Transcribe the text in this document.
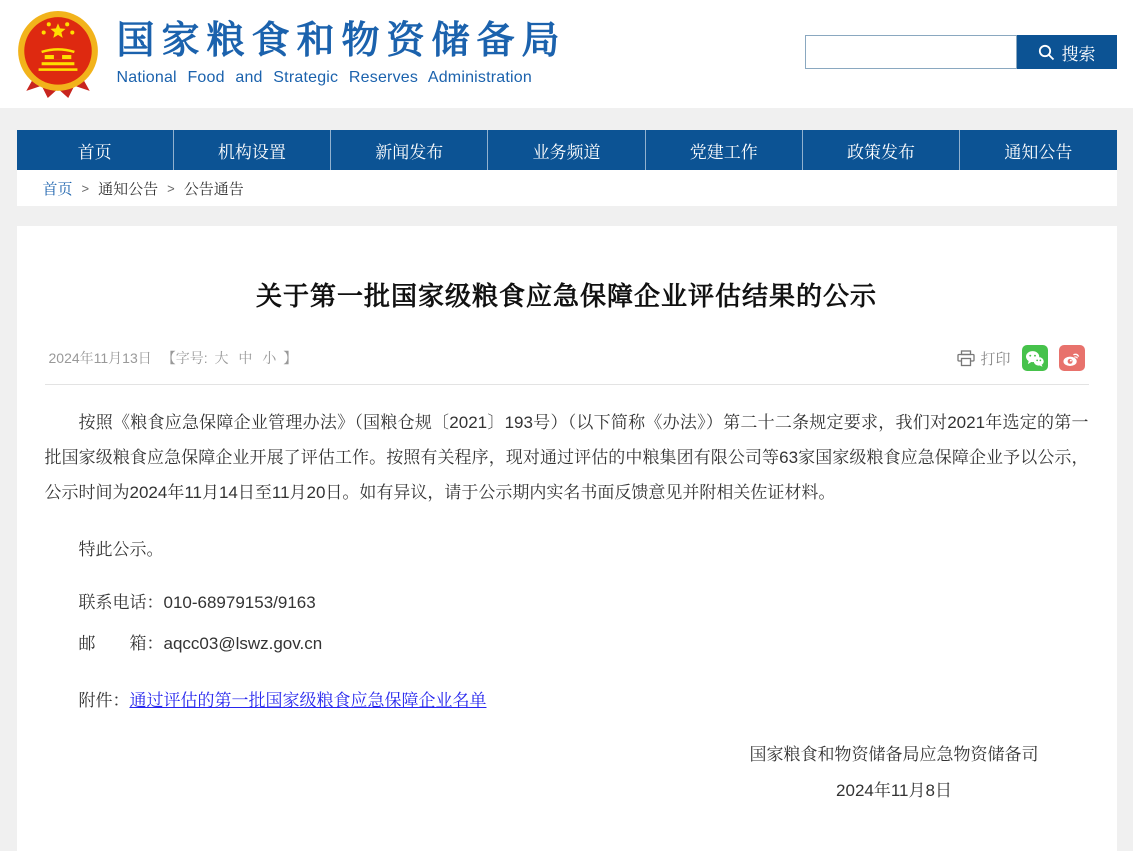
国家粮食和物资储备局
National Food and Strategic Reserves Administration
搜索
首页	机构设置	新闻发布	业务频道	党建工作	政策发布	通知公告
首页 > 通知公告 > 公告通告
关于第一批国家级粮食应急保障企业评估结果的公示
2024年11月13日 【字号: 大 中 小 】	打印

按照《粮食应急保障企业管理办法》（国粮仓规〔2021〕193号）（以下简称《办法》）第二十二条规定要求，我们对2021年选定的第一批国家级粮食应急保障企业开展了评估工作。按照有关程序，现对通过评估的中粮集团有限公司等63家国家级粮食应急保障企业予以公示，公示时间为2024年11月14日至11月20日。如有异议，请于公示期内实名书面反馈意见并附相关佐证材料。

特此公示。

联系电话：010-68979153/9163

邮　　箱：aqcc03@lswz.gov.cn

附件：通过评估的第一批国家级粮食应急保障企业名单

国家粮食和物资储备局应急物资储备司
2024年11月8日
